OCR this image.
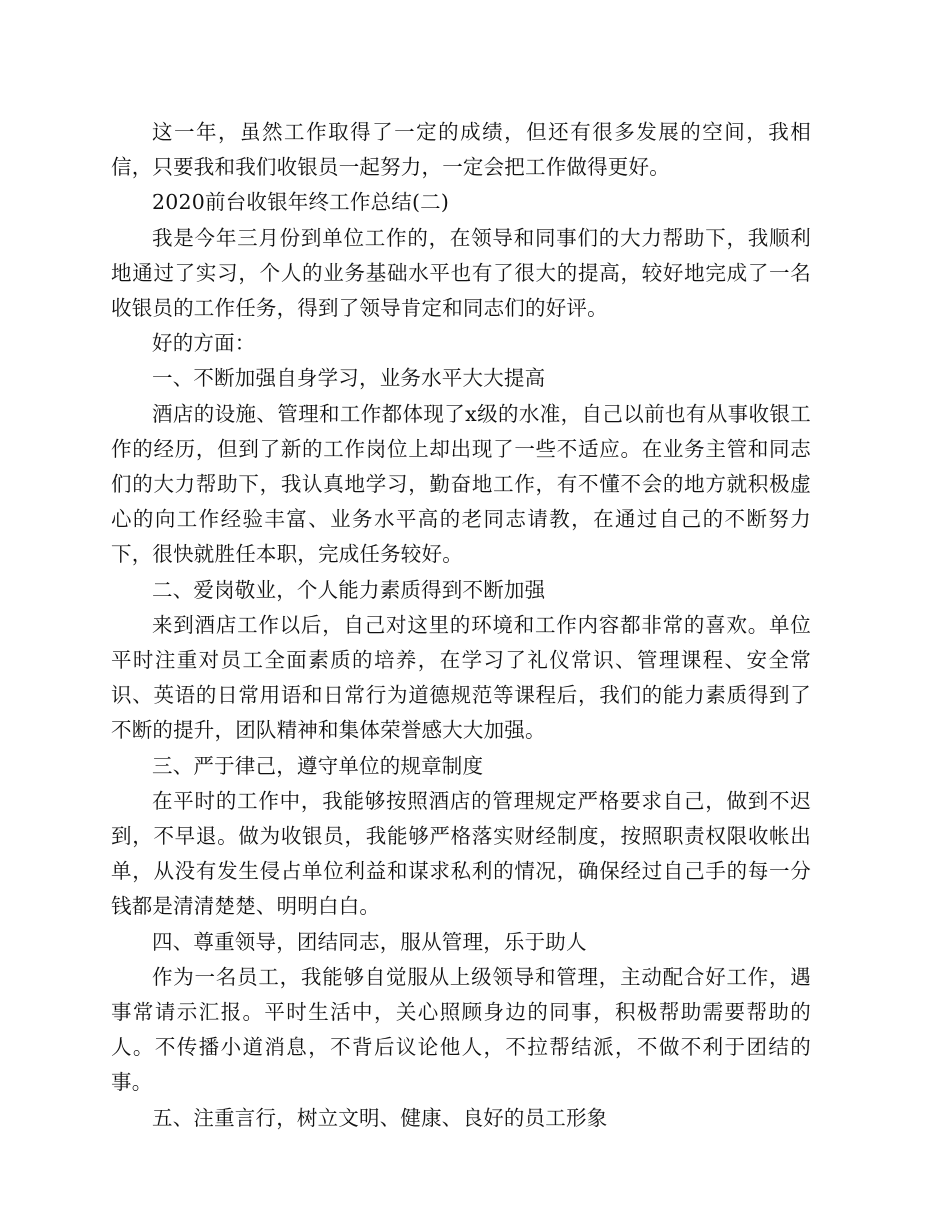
这一年，虽然工作取得了一定的成绩，但还有很多发展的空间，我相信，只要我和我们收银员一起努力，一定会把工作做得更好。

2020前台收银年终工作总结(二)

我是今年三月份到单位工作的，在领导和同事们的大力帮助下，我顺利地通过了实习，个人的业务基础水平也有了很大的提高，较好地完成了一名收银员的工作任务，得到了领导肯定和同志们的好评。

好的方面：

一、不断加强自身学习，业务水平大大提高

酒店的设施、管理和工作都体现了x级的水准，自己以前也有从事收银工作的经历，但到了新的工作岗位上却出现了一些不适应。在业务主管和同志们的大力帮助下，我认真地学习，勤奋地工作，有不懂不会的地方就积极虚心的向工作经验丰富、业务水平高的老同志请教，在通过自己的不断努力下，很快就胜任本职，完成任务较好。

二、爱岗敬业，个人能力素质得到不断加强

来到酒店工作以后，自己对这里的环境和工作内容都非常的喜欢。单位平时注重对员工全面素质的培养，在学习了礼仪常识、管理课程、安全常识、英语的日常用语和日常行为道德规范等课程后，我们的能力素质得到了不断的提升，团队精神和集体荣誉感大大加强。

三、严于律己，遵守单位的规章制度

在平时的工作中，我能够按照酒店的管理规定严格要求自己，做到不迟到，不早退。做为收银员，我能够严格落实财经制度，按照职责权限收帐出单，从没有发生侵占单位利益和谋求私利的情况，确保经过自己手的每一分钱都是清清楚楚、明明白白。

四、尊重领导，团结同志，服从管理，乐于助人

作为一名员工，我能够自觉服从上级领导和管理，主动配合好工作，遇事常请示汇报。平时生活中，关心照顾身边的同事，积极帮助需要帮助的人。不传播小道消息，不背后议论他人，不拉帮结派，不做不利于团结的事。

五、注重言行，树立文明、健康、良好的员工形象
